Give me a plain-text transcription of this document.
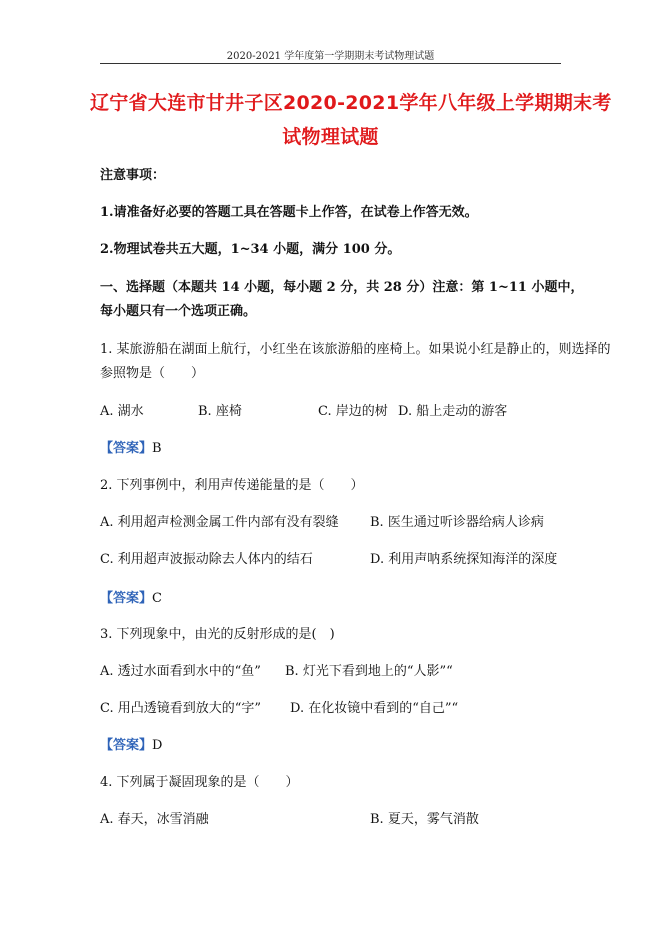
2020-2021 学年度第一学期期末考试物理试题
辽宁省大连市甘井子区2020-2021学年八年级上学期期末考
试物理试题
注意事项：
1.请准备好必要的答题工具在答题卡上作答，在试卷上作答无效。
2.物理试卷共五大题，1~34 小题，满分 100 分。
一、选择题（本题共 14 小题，每小题 2 分，共 28 分）注意：第 1~11 小题中，
每小题只有一个选项正确。
1. 某旅游船在湖面上航行，小红坐在该旅游船的座椅上。如果说小红是静止的，则选择的
参照物是（　　）
A. 湖水	B. 座椅	C. 岸边的树 D. 船上走动的游客
【答案】B
2. 下列事例中，利用声传递能量的是（　　）
A. 利用超声检测金属工件内部有没有裂缝 B. 医生通过听诊器给病人诊病
C. 利用超声波振动除去人体内的结石	D. 利用声呐系统探知海洋的深度
【答案】C
3. 下列现象中，由光的反射形成的是(　)
A. 透过水面看到水中的“鱼” B. 灯光下看到地上的“人影”“
C. 用凸透镜看到放大的“字” D. 在化妆镜中看到的“自己”“
【答案】D
4. 下列属于凝固现象的是（　　）
A. 春天，冰雪消融	B. 夏天，雾气消散
